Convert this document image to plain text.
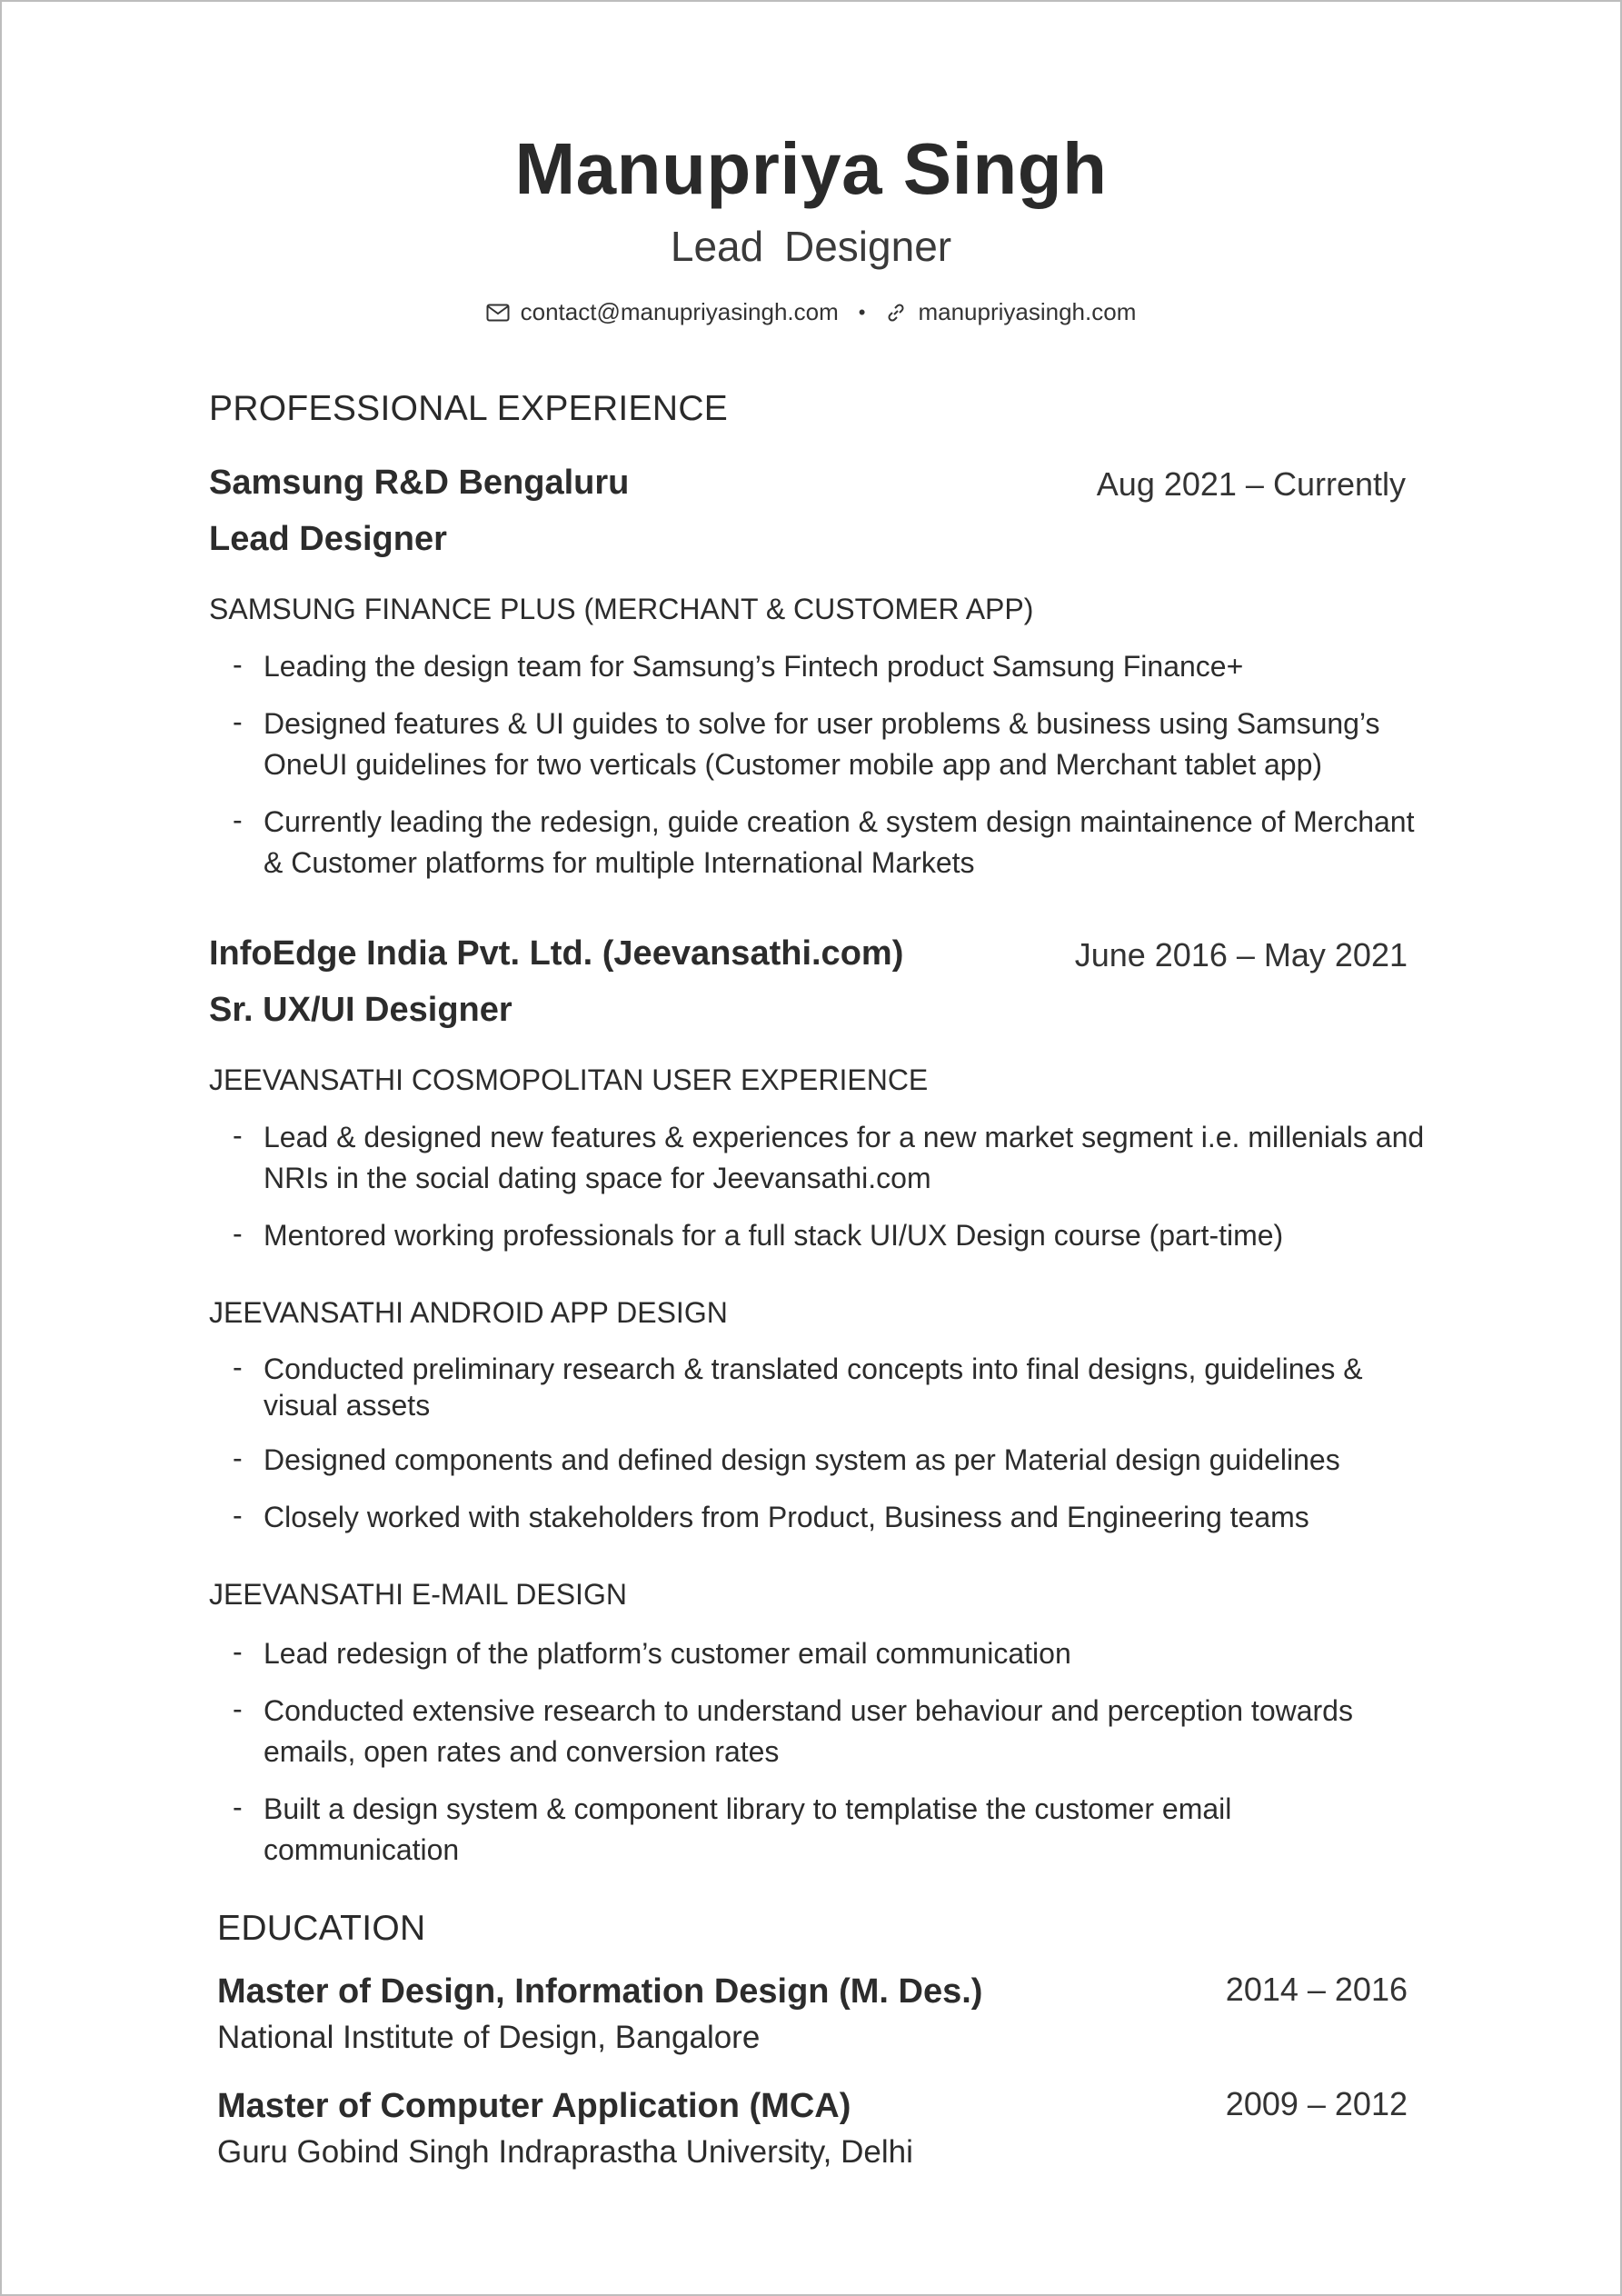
Manupriya Singh
Lead Designer
contact@manupriyasingh.com • manupriyasingh.com
PROFESSIONAL EXPERIENCE
Samsung R&D Bengaluru	Aug 2021 – Currently
Lead Designer
SAMSUNG FINANCE PLUS (MERCHANT & CUSTOMER APP)
- Leading the design team for Samsung’s Fintech product Samsung Finance+
- Designed features & UI guides to solve for user problems & business using Samsung’s OneUI guidelines for two verticals (Customer mobile app and Merchant tablet app)
- Currently leading the redesign, guide creation & system design maintainence of Merchant & Customer platforms for multiple International Markets
InfoEdge India Pvt. Ltd. (Jeevansathi.com)	June 2016 – May 2021
Sr. UX/UI Designer
JEEVANSATHI COSMOPOLITAN USER EXPERIENCE
- Lead & designed new features & experiences for a new market segment i.e. millenials and NRIs in the social dating space for Jeevansathi.com
- Mentored working professionals for a full stack UI/UX Design course (part-time)
JEEVANSATHI ANDROID APP DESIGN
- Conducted preliminary research & translated concepts into final designs, guidelines & visual assets
- Designed components and defined design system as per Material design guidelines
- Closely worked with stakeholders from Product, Business and Engineering teams
JEEVANSATHI E-MAIL DESIGN
- Lead redesign of the platform’s customer email communication
- Conducted extensive research to understand user behaviour and perception towards emails, open rates and conversion rates
- Built a design system & component library to templatise the customer email communication
EDUCATION
Master of Design, Information Design (M. Des.)	2014 – 2016
National Institute of Design, Bangalore
Master of Computer Application (MCA)	2009 – 2012
Guru Gobind Singh Indraprastha University, Delhi
